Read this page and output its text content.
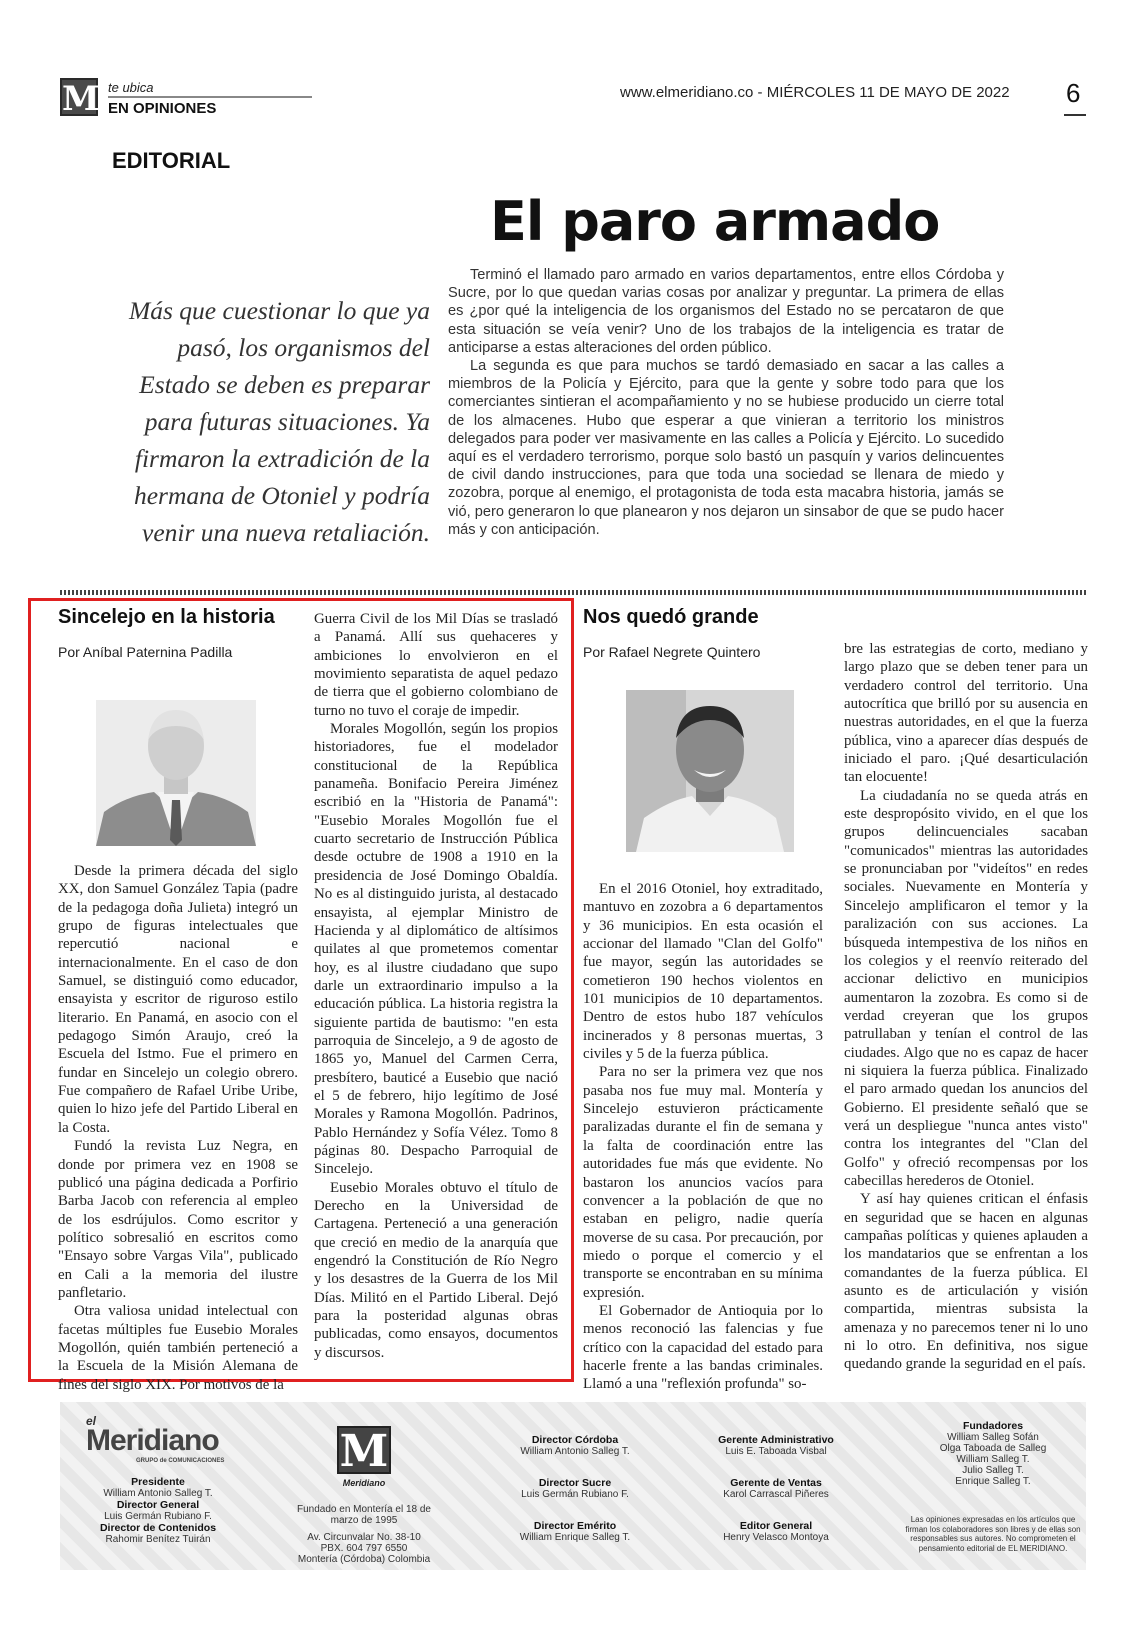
M te ubica
EN OPINIONES
www.elmeridiano.co - MIÉRCOLES 11 DE MAYO DE 2022 6
EDITORIAL
El paro armado
Más que cuestionar lo que ya pasó, los organismos del Estado se deben es preparar para futuras situaciones. Ya firmaron la extradición de la hermana de Otoniel y podría venir una nueva retaliación.

Terminó el llamado paro armado en varios departamentos, entre ellos Córdoba y Sucre, por lo que quedan varias cosas por analizar y preguntar. La primera de ellas es ¿por qué la inteligencia de los organismos del Estado no se percataron de que esta situación se veía venir? Uno de los trabajos de la inteligencia es tratar de anticiparse a estas alteraciones del orden público.

La segunda es que para muchos se tardó demasiado en sacar a las calles a miembros de la Policía y Ejército, para que la gente y sobre todo para que los comerciantes sintieran el acompañamiento y no se hubiese producido un cierre total de los almacenes. Hubo que esperar a que vinieran a territorio los ministros delegados para poder ver masivamente en las calles a Policía y Ejército. Lo sucedido aquí es el verdadero terrorismo, porque solo bastó un pasquín y varios delincuentes de civil dando instrucciones, para que toda una sociedad se llenara de miedo y zozobra, porque al enemigo, el protagonista de toda esta macabra historia, jamás se vió, pero generaron lo que planearon y nos dejaron un sinsabor de que se pudo hacer más y con anticipación.

Sincelejo en la historia
Por Aníbal Paternina Padilla

Desde la primera década del siglo XX, don Samuel González Tapia (padre de la pedagoga doña Julieta) integró un grupo de figuras intelectuales que repercutió nacional e internacionalmente. En el caso de don Samuel, se distinguió como educador, ensayista y escritor de riguroso estilo literario. En Panamá, en asocio con el pedagogo Simón Araujo, creó la Escuela del Istmo. Fue el primero en fundar en Sincelejo un colegio obrero. Fue compañero de Rafael Uribe Uribe, quien lo hizo jefe del Partido Liberal en la Costa.

Fundó la revista Luz Negra, en donde por primera vez en 1908 se publicó una página dedicada a Porfirio Barba Jacob con referencia al empleo de los esdrújulos. Como escritor y político sobresalió en escritos como "Ensayo sobre Vargas Vila", publicado en Cali a la memoria del ilustre panfletario.

Otra valiosa unidad intelectual con facetas múltiples fue Eusebio Morales Mogollón, quién también perteneció a la Escuela de la Misión Alemana de fines del siglo XIX. Por motivos de la

Guerra Civil de los Mil Días se trasladó a Panamá. Allí sus quehaceres y ambiciones lo envolvieron en el movimiento separatista de aquel pedazo de tierra que el gobierno colombiano de turno no tuvo el coraje de impedir.

Morales Mogollón, según los propios historiadores, fue el modelador constitucional de la República panameña. Bonifacio Pereira Jiménez escribió en la "Historia de Panamá": "Eusebio Morales Mogollón fue el cuarto secretario de Instrucción Pública desde octubre de 1908 a 1910 en la presidencia de José Domingo Obaldía. No es al distinguido jurista, al destacado ensayista, al ejemplar Ministro de Hacienda y al diplomático de altísimos quilates al que prometemos comentar hoy, es al ilustre ciudadano que supo darle un extraordinario impulso a la educación pública. La historia registra la siguiente partida de bautismo: "en esta parroquia de Sincelejo, a 9 de agosto de 1865 yo, Manuel del Carmen Cerra, presbítero, bauticé a Eusebio que nació el 5 de febrero, hijo legítimo de José Morales y Ramona Mogollón. Padrinos, Pablo Hernández y Sofía Vélez. Tomo 8 páginas 80. Despacho Parroquial de Sincelejo.

Eusebio Morales obtuvo el título de Derecho en la Universidad de Cartagena. Perteneció a una generación que creció en medio de la anarquía que engendró la Constitución de Río Negro y los desastres de la Guerra de los Mil Días. Militó en el Partido Liberal. Dejó para la posteridad algunas obras publicadas, como ensayos, documentos y discursos.

Nos quedó grande
Por Rafael Negrete Quintero

En el 2016 Otoniel, hoy extraditado, mantuvo en zozobra a 6 departamentos y 36 municipios. En esta ocasión el accionar del llamado "Clan del Golfo" fue mayor, según las autoridades se cometieron 190 hechos violentos en 101 municipios de 10 departamentos. Dentro de estos hubo 187 vehículos incinerados y 8 personas muertas, 3 civiles y 5 de la fuerza pública.

Para no ser la primera vez que nos pasaba nos fue muy mal. Montería y Sincelejo estuvieron prácticamente paralizadas durante el fin de semana y la falta de coordinación entre las autoridades fue más que evidente. No bastaron los anuncios vacíos para convencer a la población de que no estaban en peligro, nadie quería moverse de su casa. Por precaución, por miedo o porque el comercio y el transporte se encontraban en su mínima expresión.

El Gobernador de Antioquia por lo menos reconoció las falencias y fue crítico con la capacidad del estado para hacerle frente a las bandas criminales. Llamó a una "reflexión profunda" so-

bre las estrategias de corto, mediano y largo plazo que se deben tener para un verdadero control del territorio. Una autocrítica que brilló por su ausencia en nuestras autoridades, en el que la fuerza pública, vino a aparecer días después de iniciado el paro. ¡Qué desarticulación tan elocuente!

La ciudadanía no se queda atrás en este despropósito vivido, en el que los grupos delincuenciales sacaban "comunicados" mientras las autoridades se pronunciaban por "videítos" en redes sociales. Nuevamente en Montería y Sincelejo amplificaron el temor y la paralización con sus acciones. La búsqueda intempestiva de los niños en los colegios y el reenvío reiterado del accionar delictivo en municipios aumentaron la zozobra. Es como si de verdad creyeran que los grupos patrullaban y tenían el control de las ciudades. Algo que no es capaz de hacer ni siquiera la fuerza pública. Finalizado el paro armado quedan los anuncios del Gobierno. El presidente señaló que se verá un despliegue "nunca antes visto" contra los integrantes del "Clan del Golfo" y ofreció recompensas por los cabecillas herederos de Otoniel.

Y así hay quienes critican el énfasis en seguridad que se hacen en algunas campañas políticas y quienes aplauden a los mandatarios que se enfrentan a los comandantes de la fuerza pública. El asunto es de articulación y visión compartida, mientras subsista la amenaza y no parecemos tener ni lo uno ni lo otro. En definitiva, nos sigue quedando grande la seguridad en el país.

el
Meridiano
GRUPO de COMUNICACIONES
Presidente
William Antonio Salleg T.
Director General
Luis Germán Rubiano F.
Director de Contenidos
Rahomir Benítez Tuirán
M
Meridiano
Fundado en Montería el 18 de marzo de 1995
Av. Circunvalar No. 38-10
PBX. 604 797 6550
Montería (Córdoba) Colombia
Director Córdoba
William Antonio Salleg T.
Director Sucre
Luis Germán Rubiano F.
Director Emérito
William Enrique Salleg T.
Gerente Administrativo
Luis E. Taboada Visbal
Gerente de Ventas
Karol Carrascal Piñeres
Editor General
Henry Velasco Montoya
Fundadores
William Salleg Sofán
Olga Taboada de Salleg
William Salleg T.
Julio Salleg T.
Enrique Salleg T.
Las opiniones expresadas en los artículos que firman los colaboradores son libres y de ellas son responsables sus autores. No comprometen el pensamiento editorial de EL MERIDIANO.
